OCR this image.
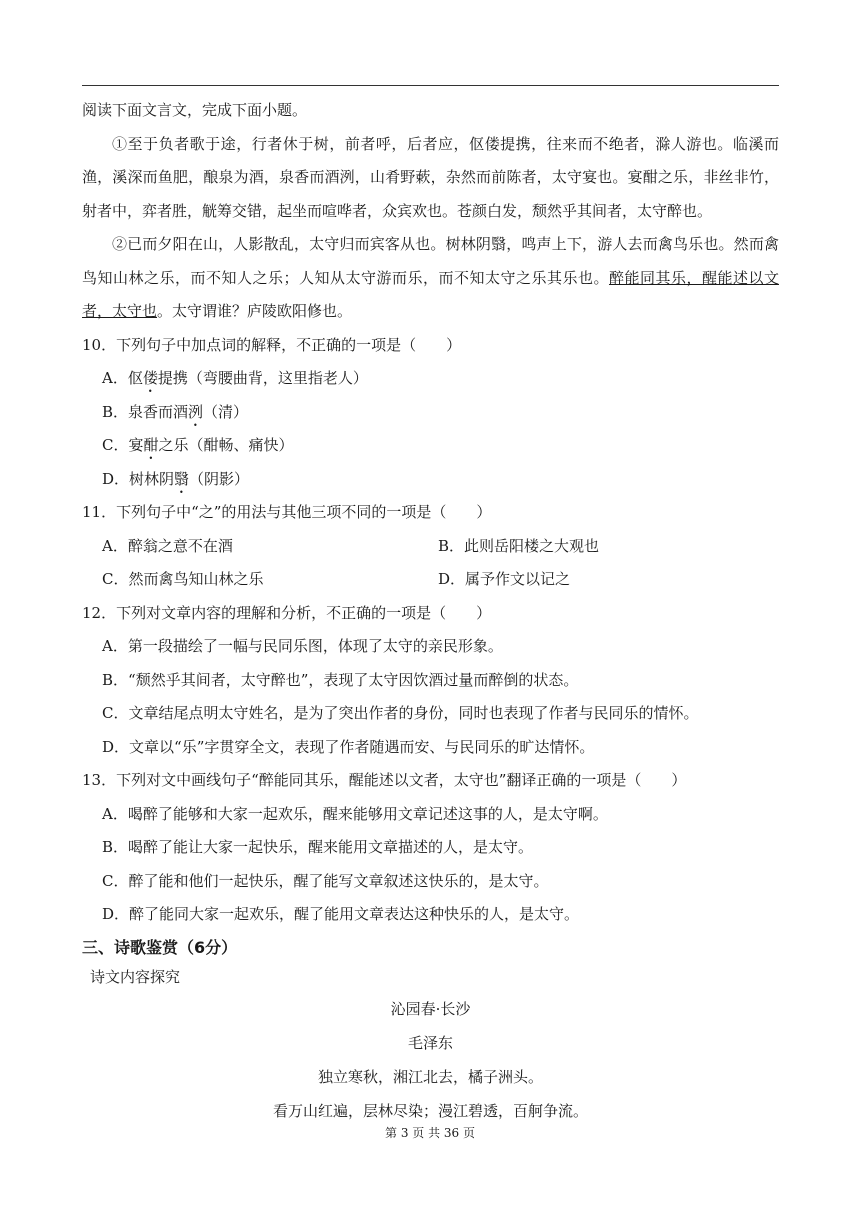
阅读下面文言文，完成下面小题。
①至于负者歌于途，行者休于树，前者呼，后者应，伛偻提携，往来而不绝者，滁人游也。临溪而渔，溪深而鱼肥，酿泉为酒，泉香而酒洌，山肴野蔌，杂然而前陈者，太守宴也。宴酣之乐，非丝非竹，射者中，弈者胜，觥筹交错，起坐而喧哗者，众宾欢也。苍颜白发，颓然乎其间者，太守醉也。
②已而夕阳在山，人影散乱，太守归而宾客从也。树林阴翳，鸣声上下，游人去而禽鸟乐也。然而禽鸟知山林之乐，而不知人之乐；人知从太守游而乐，而不知太守之乐其乐也。醉能同其乐，醒能述以文者，太守也。太守谓谁？庐陵欧阳修也。
10．下列句子中加点词的解释，不正确的一项是（　　）
A．伛偻提携（弯腰曲背，这里指老人）
B．泉香而酒洌（清）
C．宴酣之乐（酣畅、痛快）
D．树林阴翳（阴影）
11．下列句子中“之”的用法与其他三项不同的一项是（　　）
A．醉翁之意不在酒	B．此则岳阳楼之大观也
C．然而禽鸟知山林之乐	D．属予作文以记之
12．下列对文章内容的理解和分析，不正确的一项是（　　）
A．第一段描绘了一幅与民同乐图，体现了太守的亲民形象。
B．“颓然乎其间者，太守醉也”，表现了太守因饮酒过量而醉倒的状态。
C．文章结尾点明太守姓名，是为了突出作者的身份，同时也表现了作者与民同乐的情怀。
D．文章以“乐”字贯穿全文，表现了作者随遇而安、与民同乐的旷达情怀。
13．下列对文中画线句子“醉能同其乐，醒能述以文者，太守也”翻译正确的一项是（　　）
A．喝醉了能够和大家一起欢乐，醒来能够用文章记述这事的人，是太守啊。
B．喝醉了能让大家一起快乐，醒来能用文章描述的人，是太守。
C．醉了能和他们一起快乐，醒了能写文章叙述这快乐的，是太守。
D．醉了能同大家一起欢乐，醒了能用文章表达这种快乐的人，是太守。
三、诗歌鉴赏（6分）
诗文内容探究
沁园春·长沙
毛泽东
独立寒秋，湘江北去，橘子洲头。
看万山红遍，层林尽染；漫江碧透，百舸争流。
第 3 页 共 36 页
